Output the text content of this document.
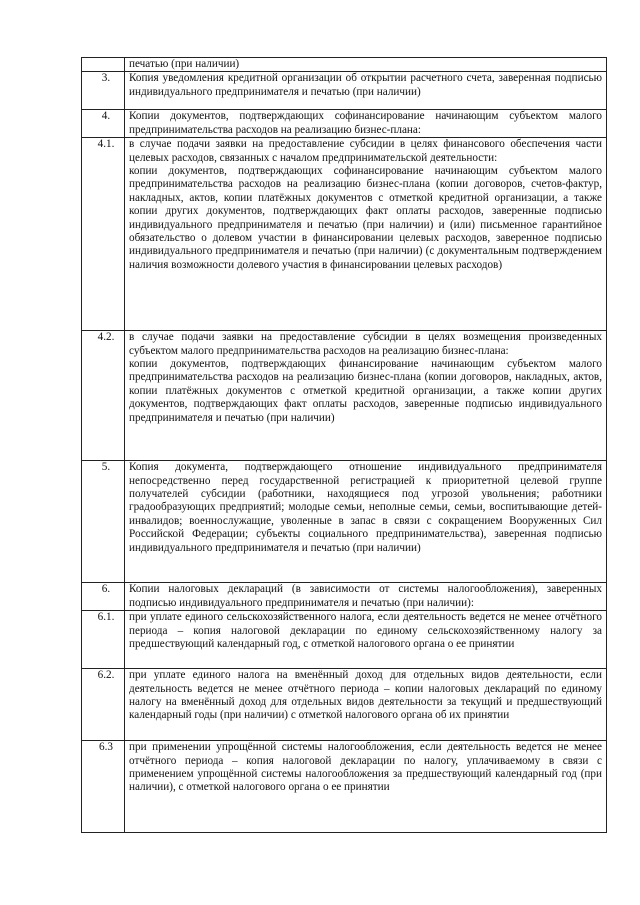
	печатью (при наличии)

3.	Копия уведомления кредитной организации об открытии расчетного счета, заверенная подписью индивидуального предпринимателя и печатью (при наличии)

4.	Копии документов, подтверждающих софинансирование начинающим субъектом малого предпринимательства расходов на реализацию бизнес-плана:

4.1.	в случае подачи заявки на предоставление субсидии в целях финансового обеспечения части целевых расходов, связанных с началом предпринимательской деятельности:
копии документов, подтверждающих софинансирование начинающим субъектом малого предпринимательства расходов на реализацию бизнес-плана (копии договоров, счетов-фактур, накладных, актов, копии платёжных документов с отметкой кредитной организации, а также копии других документов, подтверждающих факт оплаты расходов, заверенные подписью индивидуального предпринимателя и печатью (при наличии) и (или) письменное гарантийное обязательство о долевом участии в финансировании целевых расходов, заверенное подписью индивидуального предпринимателя и печатью (при наличии) (с документальным подтверждением наличия возможности долевого участия в финансировании целевых расходов)

4.2.	в случае подачи заявки на предоставление субсидии в целях возмещения произведенных субъектом малого предпринимательства расходов на реализацию бизнес-плана:
копии документов, подтверждающих финансирование начинающим субъектом малого предпринимательства расходов на реализацию бизнес-плана (копии договоров, накладных, актов, копии платёжных документов с отметкой кредитной организации, а также копии других документов, подтверждающих факт оплаты расходов, заверенные подписью индивидуального предпринимателя и печатью (при наличии)

5.	Копия документа, подтверждающего отношение индивидуального предпринимателя непосредственно перед государственной регистрацией к приоритетной целевой группе получателей субсидии (работники, находящиеся под угрозой увольнения; работники градообразующих предприятий; молодые семьи, неполные семьи, семьи, воспитывающие детей-инвалидов; военнослужащие, уволенные в запас в связи с сокращением Вооруженных Сил Российской Федерации; субъекты социального предпринимательства), заверенная подписью индивидуального предпринимателя и печатью (при наличии)

6.	Копии налоговых деклараций (в зависимости от системы налогообложения), заверенных подписью индивидуального предпринимателя и печатью (при наличии):

6.1.	при уплате единого сельскохозяйственного налога, если деятельность ведется не менее отчётного периода – копия налоговой декларации по единому сельскохозяйственному налогу за предшествующий календарный год, с отметкой налогового органа о ее принятии

6.2.	при уплате единого налога на вменённый доход для отдельных видов деятельности, если деятельность ведется не менее отчётного периода – копии налоговых деклараций по единому налогу на вменённый доход для отдельных видов деятельности за текущий и предшествующий календарный годы (при наличии) с отметкой налогового органа об их принятии

6.3	при применении упрощённой системы налогообложения, если деятельность ведется не менее отчётного периода – копия налоговой декларации по налогу, уплачиваемому в связи с применением упрощённой системы налогообложения за предшествующий календарный год (при наличии), с отметкой налогового органа о ее принятии
